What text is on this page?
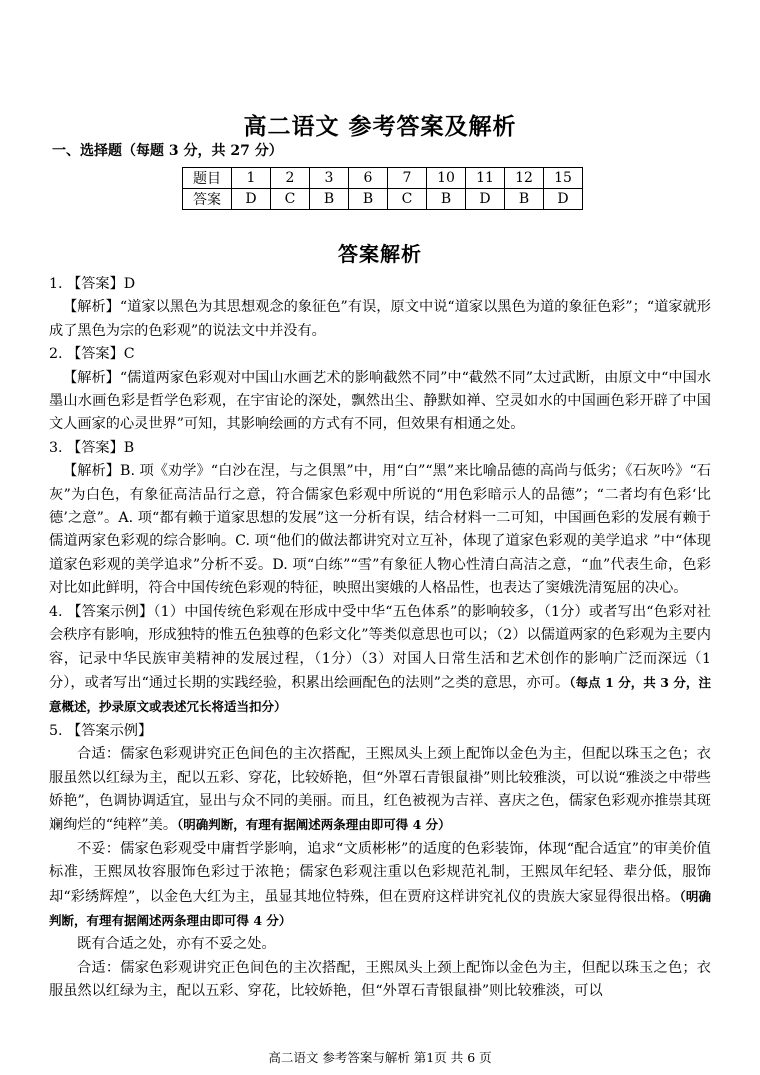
高二语文 参考答案及解析
一、选择题（每题 3 分，共 27 分）
题目	1	2	3	6	7	10	11	12	15
答案	D	C	B	B	C	B	D	B	D
答案解析

1. 【答案】D

【解析】“道家以黑色为其思想观念的象征色”有误，原文中说“道家以黑色为道的象征色彩”；“道家就形成了黑色为宗的色彩观”的说法文中并没有。

2. 【答案】C

【解析】“儒道两家色彩观对中国山水画艺术的影响截然不同”中“截然不同”太过武断，由原文中“中国水墨山水画色彩是哲学色彩观，在宇宙论的深处，飘然出尘、静默如禅、空灵如水的中国画色彩开辟了中国文人画家的心灵世界”可知，其影响绘画的方式有不同，但效果有相通之处。

3. 【答案】B

【解析】B. 项《劝学》“白沙在涅，与之俱黑”中，用“白”“黑”来比喻品德的高尚与低劣；《石灰吟》“石灰”为白色，有象征高洁品行之意，符合儒家色彩观中所说的“用色彩暗示人的品德”；“二者均有色彩‘比德’之意”。A. 项“都有赖于道家思想的发展”这一分析有误，结合材料一二可知，中国画色彩的发展有赖于儒道两家色彩观的综合影响。C. 项“他们的做法都讲究对立互补，体现了道家色彩观的美学追求 ”中“体现道家色彩观的美学追求”分析不妥。D. 项“白练”“雪”有象征人物心性清白高洁之意，“血”代表生命，色彩对比如此鲜明，符合中国传统色彩观的特征，映照出窦娥的人格品性，也表达了窦娥洗清冤屈的决心。

4. 【答案示例】（1）中国传统色彩观在形成中受中华“五色体系”的影响较多，（1分）或者写出“色彩对社会秩序有影响，形成独特的惟五色独尊的色彩文化”等类似意思也可以；（2）以儒道两家的色彩观为主要内容，记录中华民族审美精神的发展过程，（1分）（3）对国人日常生活和艺术创作的影响广泛而深远（1分），或者写出“通过长期的实践经验，积累出绘画配色的法则”之类的意思，亦可。（每点 1 分，共 3 分，注意概述，抄录原文或表述冗长将适当扣分）

5. 【答案示例】

合适：儒家色彩观讲究正色间色的主次搭配，王熙凤头上颈上配饰以金色为主，但配以珠玉之色；衣服虽然以红绿为主，配以五彩、穿花，比较娇艳，但“外罩石青银鼠褂”则比较雅淡，可以说“雅淡之中带些娇艳”，色调协调适宜，显出与众不同的美丽。而且，红色被视为吉祥、喜庆之色，儒家色彩观亦推崇其斑斓绚烂的“纯粹”美。（明确判断，有理有据阐述两条理由即可得 4 分）

不妥：儒家色彩观受中庸哲学影响，追求“文质彬彬”的适度的色彩装饰，体现“配合适宜”的审美价值标准，王熙凤妆容服饰色彩过于浓艳；儒家色彩观注重以色彩规范礼制，王熙凤年纪轻、辈分低，服饰却“彩绣辉煌”，以金色大红为主，虽显其地位特殊，但在贾府这样讲究礼仪的贵族大家显得很出格。（明确判断，有理有据阐述两条理由即可得 4 分）

既有合适之处，亦有不妥之处。

合适：儒家色彩观讲究正色间色的主次搭配，王熙凤头上颈上配饰以金色为主，但配以珠玉之色；衣服虽然以红绿为主，配以五彩、穿花，比较娇艳，但“外罩石青银鼠褂”则比较雅淡，可以

高二语文 参考答案与解析 第1页 共 6 页
